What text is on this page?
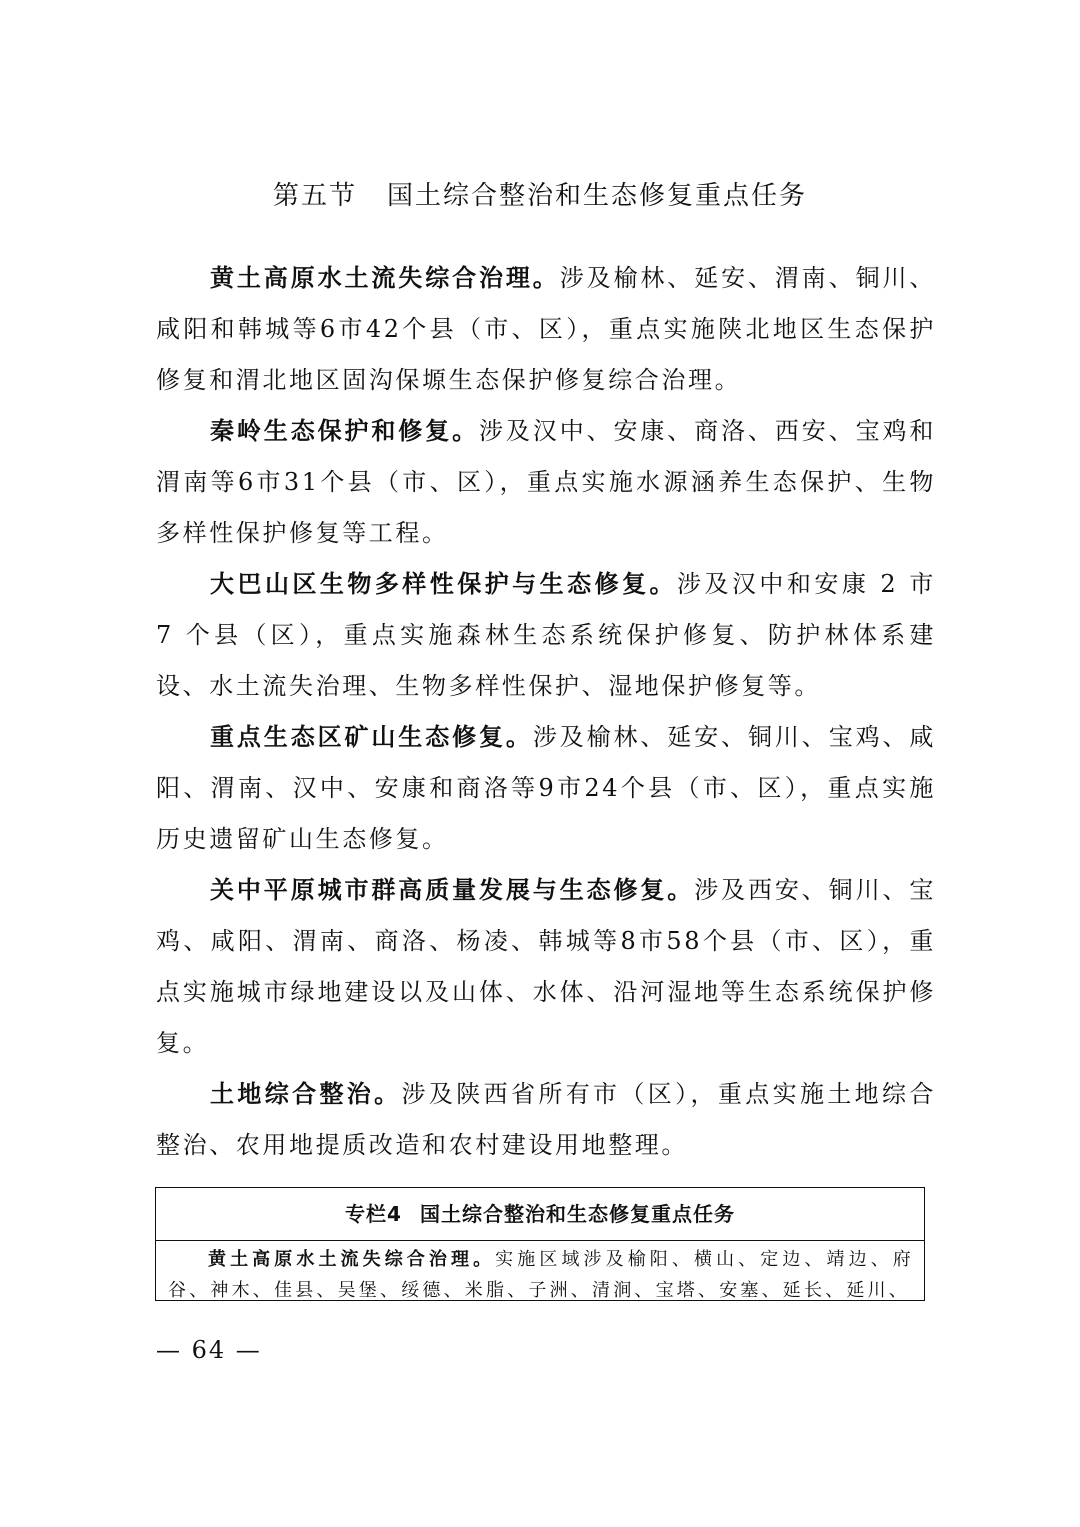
第五节 国土综合整治和生态修复重点任务

黄土高原水土流失综合治理。涉及榆林、延安、渭南、铜川、咸阳和韩城等6市42个县（市、区），重点实施陕北地区生态保护修复和渭北地区固沟保塬生态保护修复综合治理。

秦岭生态保护和修复。涉及汉中、安康、商洛、西安、宝鸡和渭南等6市31个县（市、区），重点实施水源涵养生态保护、生物多样性保护修复等工程。

大巴山区生物多样性保护与生态修复。涉及汉中和安康 2 市 7 个县（区），重点实施森林生态系统保护修复、防护林体系建设、水土流失治理、生物多样性保护、湿地保护修复等。

重点生态区矿山生态修复。涉及榆林、延安、铜川、宝鸡、咸阳、渭南、汉中、安康和商洛等9市24个县（市、区），重点实施历史遗留矿山生态修复。

关中平原城市群高质量发展与生态修复。涉及西安、铜川、宝鸡、咸阳、渭南、商洛、杨凌、韩城等8市58个县（市、区），重点实施城市绿地建设以及山体、水体、沿河湿地等生态系统保护修复。

土地综合整治。涉及陕西省所有市（区），重点实施土地综合整治、农用地提质改造和农村建设用地整理。

专栏4 国土综合整治和生态修复重点任务
黄土高原水土流失综合治理。实施区域涉及榆阳、横山、定边、靖边、府谷、神木、佳县、吴堡、绥德、米脂、子洲、清涧、宝塔、安塞、延长、延川、
— 64 —
